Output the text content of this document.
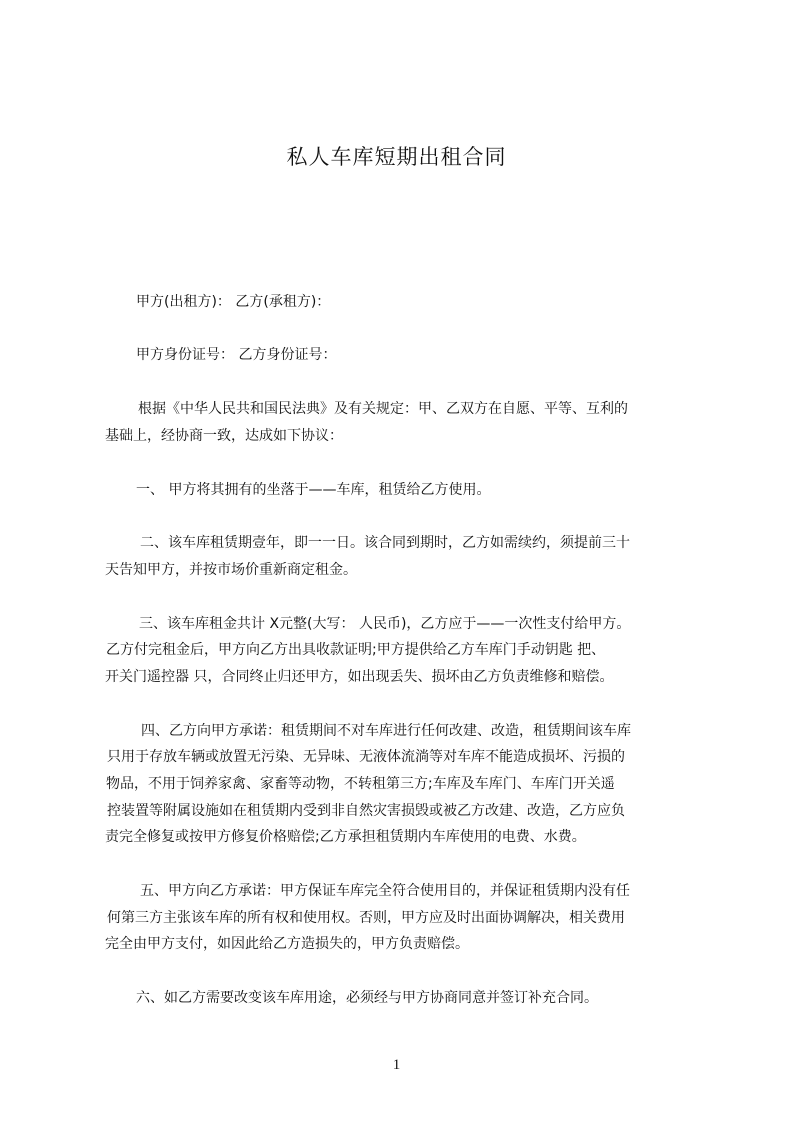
私人车库短期出租合同
甲方(出租方)： 乙方(承租方)：
甲方身份证号： 乙方身份证号：
根据《中华人民共和国民法典》及有关规定：甲、乙双方在自愿、平等、互利的
基础上，经协商一致，达成如下协议：
一、 甲方将其拥有的坐落于——车库，租赁给乙方使用。
二、该车库租赁期壹年，即一一日。该合同到期时，乙方如需续约，须提前三十
天告知甲方，并按市场价重新商定租金。
三、该车库租金共计 X元整(大写： 人民币)，乙方应于——一次性支付给甲方。
乙方付完租金后，甲方向乙方出具收款证明;甲方提供给乙方车库门手动钥匙 把、
开关门遥控器 只，合同终止归还甲方，如出现丢失、损坏由乙方负责维修和赔偿。
四、乙方向甲方承诺：租赁期间不对车库进行任何改建、改造，租赁期间该车库
只用于存放车辆或放置无污染、无异味、无液体流淌等对车库不能造成损坏、污损的
物品，不用于饲养家禽、家畜等动物，不转租第三方;车库及车库门、车库门开关遥
控装置等附属设施如在租赁期内受到非自然灾害损毁或被乙方改建、改造，乙方应负
责完全修复或按甲方修复价格赔偿;乙方承担租赁期内车库使用的电费、水费。
五、甲方向乙方承诺：甲方保证车库完全符合使用目的，并保证租赁期内没有任
何第三方主张该车库的所有权和使用权。否则，甲方应及时出面协调解决，相关费用
完全由甲方支付，如因此给乙方造损失的，甲方负责赔偿。
六、如乙方需要改变该车库用途，必须经与甲方协商同意并签订补充合同。
1
